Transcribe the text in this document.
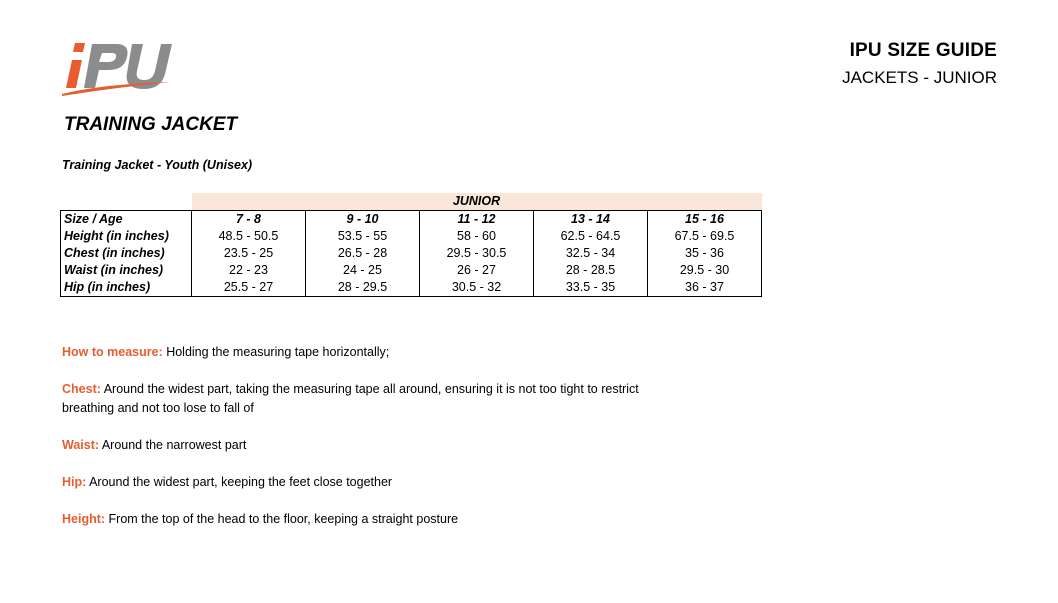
iPU
IPU SIZE GUIDE
JACKETS - JUNIOR
TRAINING JACKET
Training Jacket - Youth (Unisex)
	JUNIOR				
Size / Age	7 - 8	9 - 10	11 - 12	13 - 14	15 - 16
Height (in inches)	48.5 - 50.5	53.5 - 55	58 - 60	62.5 - 64.5	67.5 - 69.5
Chest (in inches)	23.5 - 25	26.5 - 28	29.5 - 30.5	32.5 - 34	35 - 36
Waist (in inches)	22 - 23	24 - 25	26 - 27	28 - 28.5	29.5 - 30
Hip (in inches)	25.5 - 27	28 - 29.5	30.5 - 32	33.5 - 35	36 - 37

How to measure: Holding the measuring tape horizontally;

Chest: Around the widest part, taking the measuring tape all around, ensuring it is not too tight to restrict breathing and not too lose to fall of

Waist: Around the narrowest part

Hip: Around the widest part, keeping the feet close together

Height: From the top of the head to the floor, keeping a straight posture
